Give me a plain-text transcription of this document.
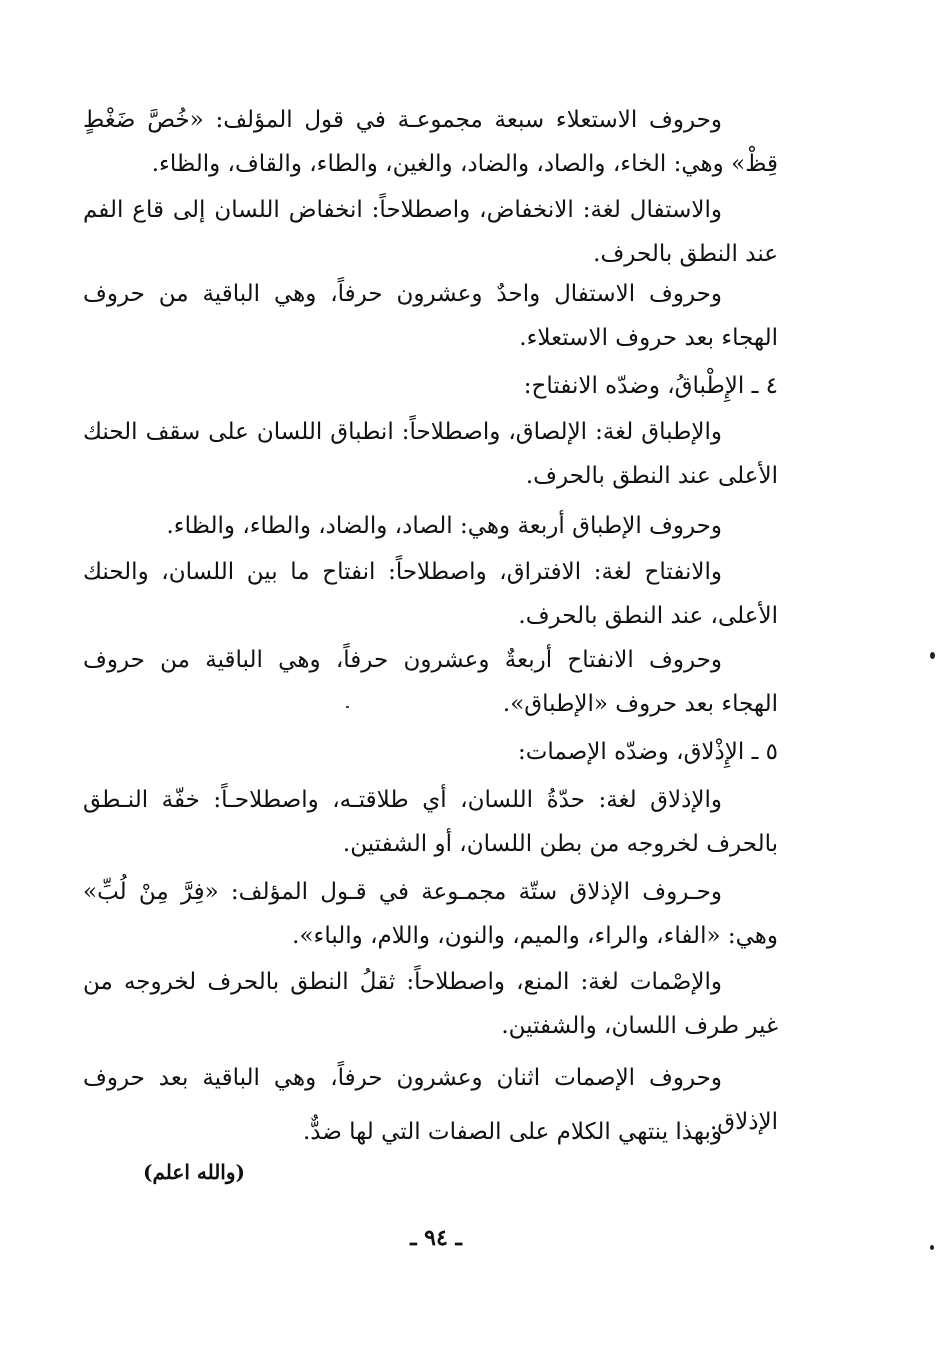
وحروف الاستعلاء سبعة مجموعـة في قول المؤلف: «خُصَّ ضَغْطٍ قِظْ» وهي: الخاء، والصاد، والضاد، والغين، والطاء، والقاف، والظاء.

والاستفال لغة: الانخفاض، واصطلاحاً: انخفاض اللسان إلى قاع الفم عند النطق بالحرف.

وحروف الاستفال واحدٌ وعشرون حرفاً، وهي الباقية من حروف الهجاء بعد حروف الاستعلاء.

٤ ـ الإِطْباقُ، وضدّه الانفتاح:

والإطباق لغة: الإلصاق، واصطلاحاً: انطباق اللسان على سقف الحنك الأعلى عند النطق بالحرف.

وحروف الإطباق أربعة وهي: الصاد، والضاد، والطاء، والظاء.

والانفتاح لغة: الافتراق، واصطلاحاً: انفتاح ما بين اللسان، والحنك الأعلى، عند النطق بالحرف.

وحروف الانفتاح أربعةٌ وعشرون حرفاً، وهي الباقية من حروف الهجاء بعد حروف «الإطباق».

٥ ـ الإِذْلاق، وضدّه الإصمات:

والإذلاق لغة: حدّةُ اللسان، أي طلاقتـه، واصطلاحـاً: خفّة النـطق بالحرف لخروجه من بطن اللسان، أو الشفتين.

وحـروف الإذلاق ستّة مجمـوعة في قـول المؤلف: «فِرَّ مِنْ لُبِّ» وهي: «الفاء، والراء، والميم، والنون، واللام، والباء».

والإصْمات لغة: المنع، واصطلاحاً: ثقلُ النطق بالحرف لخروجه من غير طرف اللسان، والشفتين.

وحروف الإصمات اثنان وعشرون حرفاً، وهي الباقية بعد حروف الإذلاق.

وبهذا ينتهي الكلام على الصفات التي لها ضدٌّ.

(والله اعلم)

ـ ٩٤ ـ
